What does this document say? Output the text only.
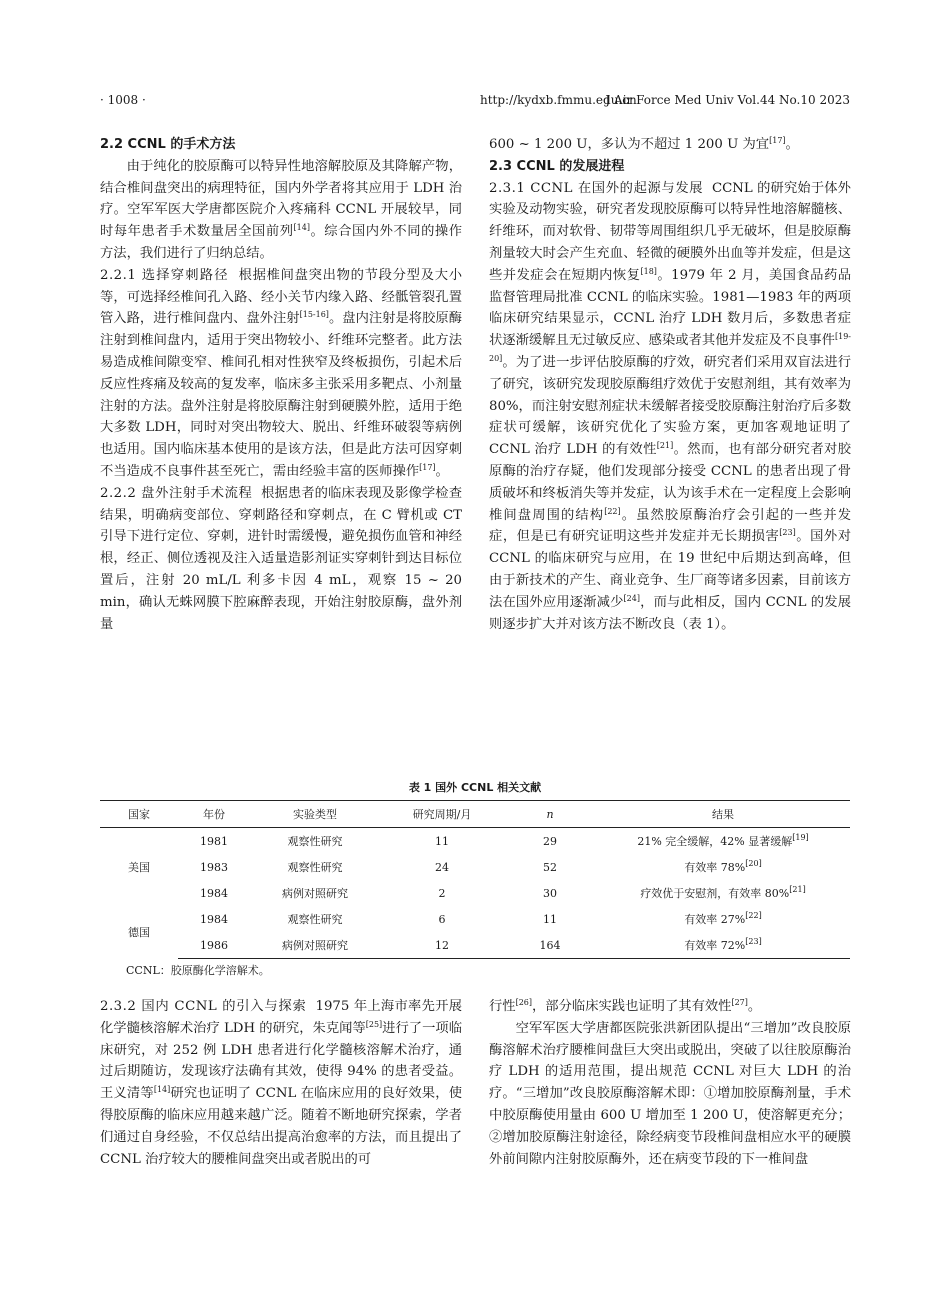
· 1008 ·	http://kydxb.fmmu.edu.cn
J Air Force Med Univ Vol.44 No.10 2023

2.2 CCNL 的手术方法

由于纯化的胶原酶可以特异性地溶解胶原及其降解产物，结合椎间盘突出的病理特征，国内外学者将其应用于 LDH 治疗。空军军医大学唐都医院介入疼痛科 CCNL 开展较早，同时每年患者手术数量居全国前列[14]。综合国内外不同的操作方法，我们进行了归纳总结。

2.2.1 选择穿刺路径 根据椎间盘突出物的节段分型及大小等，可选择经椎间孔入路、经小关节内缘入路、经骶管裂孔置管入路，进行椎间盘内、盘外注射[15-16]。盘内注射是将胶原酶注射到椎间盘内，适用于突出物较小、纤维环完整者。此方法易造成椎间隙变窄、椎间孔相对性狭窄及终板损伤，引起术后反应性疼痛及较高的复发率，临床多主张采用多靶点、小剂量注射的方法。盘外注射是将胶原酶注射到硬膜外腔，适用于绝大多数 LDH，同时对突出物较大、脱出、纤维环破裂等病例也适用。国内临床基本使用的是该方法，但是此方法可因穿刺不当造成不良事件甚至死亡，需由经验丰富的医师操作[17]。

2.2.2 盘外注射手术流程 根据患者的临床表现及影像学检查结果，明确病变部位、穿刺路径和穿刺点，在 C 臂机或 CT 引导下进行定位、穿刺，进针时需缓慢，避免损伤血管和神经根，经正、侧位透视及注入适量造影剂证实穿刺针到达目标位置后，注射 20 mL/L 利多卡因 4 mL，观察 15 ~ 20 min，确认无蛛网膜下腔麻醉表现，开始注射胶原酶，盘外剂量

600 ~ 1 200 U，多认为不超过 1 200 U 为宜[17]。

2.3 CCNL 的发展进程

2.3.1 CCNL 在国外的起源与发展 CCNL 的研究始于体外实验及动物实验，研究者发现胶原酶可以特异性地溶解髓核、纤维环，而对软骨、韧带等周围组织几乎无破坏，但是胶原酶剂量较大时会产生充血、轻微的硬膜外出血等并发症，但是这些并发症会在短期内恢复[18]。1979 年 2 月，美国食品药品监督管理局批准 CCNL 的临床实验。1981—1983 年的两项临床研究结果显示，CCNL 治疗 LDH 数月后，多数患者症状逐渐缓解且无过敏反应、感染或者其他并发症及不良事件[19-20]。为了进一步评估胶原酶的疗效，研究者们采用双盲法进行了研究，该研究发现胶原酶组疗效优于安慰剂组，其有效率为 80%，而注射安慰剂症状未缓解者接受胶原酶注射治疗后多数症状可缓解，该研究优化了实验方案，更加客观地证明了 CCNL 治疗 LDH 的有效性[21]。然而，也有部分研究者对胶原酶的治疗存疑，他们发现部分接受 CCNL 的患者出现了骨质破坏和终板消失等并发症，认为该手术在一定程度上会影响椎间盘周围的结构[22]。虽然胶原酶治疗会引起的一些并发症，但是已有研究证明这些并发症并无长期损害[23]。国外对 CCNL 的临床研究与应用，在 19 世纪中后期达到高峰，但由于新技术的产生、商业竞争、生厂商等诸多因素，目前该方法在国外应用逐渐减少[24]，而与此相反，国内 CCNL 的发展则逐步扩大并对该方法不断改良（表 1）。

表 1 国外 CCNL 相关文献
国家	年份	实验类型	研究周期/月	n	结果
美国	1981	观察性研究	11	29	21% 完全缓解，42% 显著缓解[19]
	1983	观察性研究	24	52	有效率 78%[20]
	1984	病例对照研究	2	30	疗效优于安慰剂，有效率 80%[21]
德国	1984	观察性研究	6	11	有效率 27%[22]
	1986	病例对照研究	12	164	有效率 72%[23]
CCNL：胶原酶化学溶解术。

2.3.2 国内 CCNL 的引入与探索 1975 年上海市率先开展化学髓核溶解术治疗 LDH 的研究，朱克闻等[25]进行了一项临床研究，对 252 例 LDH 患者进行化学髓核溶解术治疗，通过后期随访，发现该疗法确有其效，使得 94% 的患者受益。王义清等[14]研究也证明了 CCNL 在临床应用的良好效果，使得胶原酶的临床应用越来越广泛。随着不断地研究探索，学者们通过自身经验，不仅总结出提高治愈率的方法，而且提出了 CCNL 治疗较大的腰椎间盘突出或者脱出的可

行性[26]，部分临床实践也证明了其有效性[27]。

空军军医大学唐都医院张洪新团队提出“三增加”改良胶原酶溶解术治疗腰椎间盘巨大突出或脱出，突破了以往胶原酶治疗 LDH 的适用范围，提出规范 CCNL 对巨大 LDH 的治疗。“三增加”改良胶原酶溶解术即：①增加胶原酶剂量，手术中胶原酶使用量由 600 U 增加至 1 200 U，使溶解更充分；②增加胶原酶注射途径，除经病变节段椎间盘相应水平的硬膜外前间隙内注射胶原酶外，还在病变节段的下一椎间盘
